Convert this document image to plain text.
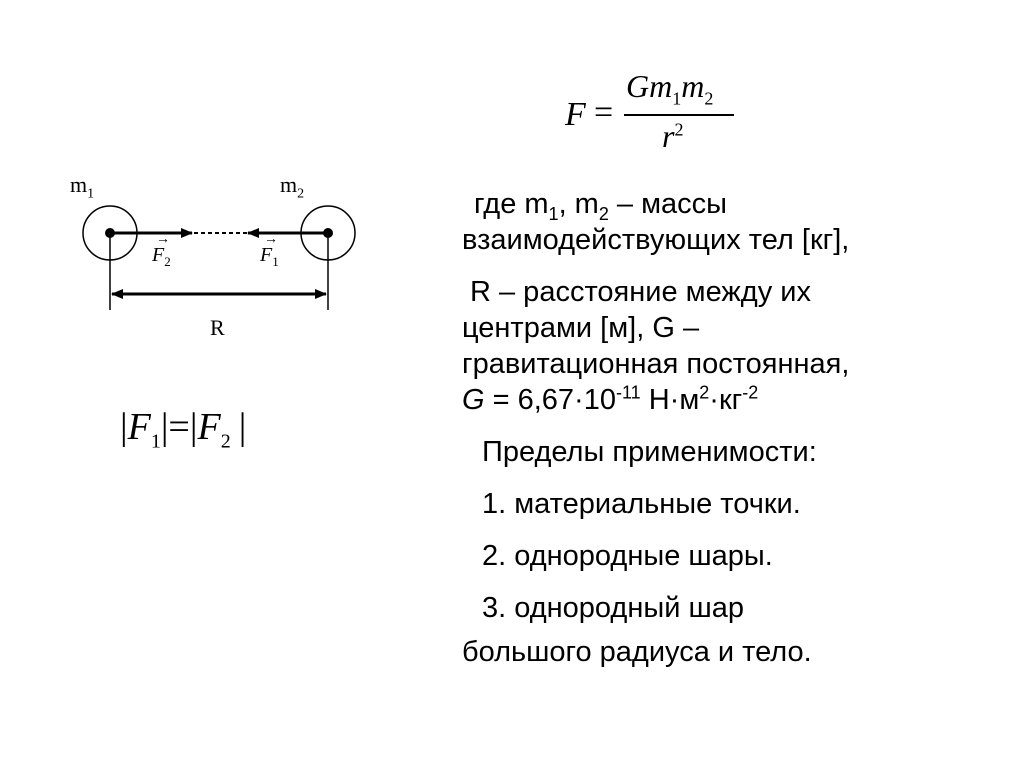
F =
$Gm_1m_2$
$r^2$
$m_1$	$m_2$
→
$F_2$
→
$F_1$
R
$|F_1|=|F_2$ |

где $m_1$, $m_2$ – массы

взаимодействующих тел [кг],

R – расстояние между их

центрами [м], G –

гравитационная постоянная,

$G = 6,67\cdot 10^{-11}$ $Н\cdot м^2\cdot кг^{-2}$

Пределы применимости:

1. материальные точки.

2. однородные шары.

3. однородный шар

большого радиуса и тело.
